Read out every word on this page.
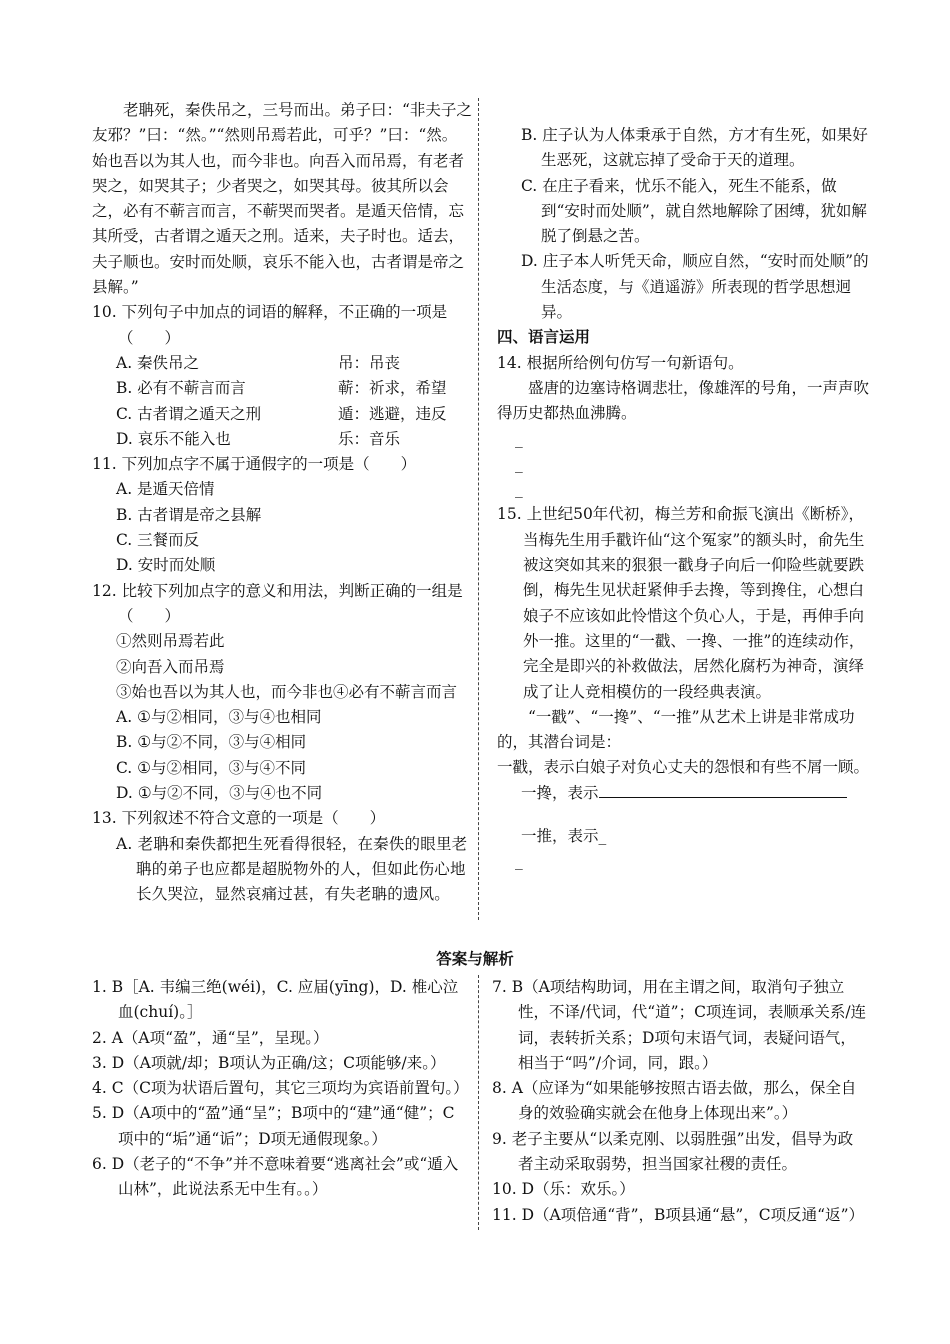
老聃死，秦佚吊之，三号而出。弟子曰：“非夫子之友邪？”曰：“然。”“然则吊焉若此，可乎？”曰：“然。始也吾以为其人也，而今非也。向吾入而吊焉，有老者哭之，如哭其子；少者哭之，如哭其母。彼其所以会之，必有不蕲言而言，不蕲哭而哭者。是遁天倍情，忘其所受，古者谓之遁天之刑。适来，夫子时也。适去，夫子顺也。安时而处顺，哀乐不能入也，古者谓是帝之县解。”

10. 下列句子中加点的词语的解释，不正确的一项是（　　）

A. 秦佚吊之	吊：吊丧
B. 必有不蕲言而言	蕲：祈求，希望
C. 古者谓之遁天之刑	遁：逃避，违反
D. 哀乐不能入也	乐：音乐

11. 下列加点字不属于通假字的一项是（　　）

A. 是遁天倍情

B. 古者谓是帝之县解

C. 三餐而反

D. 安时而处顺

12. 比较下列加点字的意义和用法，判断正确的一组是（　　）

①然则吊焉若此

②向吾入而吊焉

③始也吾以为其人也，而今非也④必有不蕲言而言

A. ①与②相同，③与④也相同

B. ①与②不同，③与④相同

C. ①与②相同，③与④不同

D. ①与②不同，③与④也不同

13. 下列叙述不符合文意的一项是（　　）

A. 老聃和秦佚都把生死看得很轻，在秦佚的眼里老聃的弟子也应都是超脱物外的人，但如此伤心地长久哭泣，显然哀痛过甚，有失老聃的遗风。

B. 庄子认为人体秉承于自然，方才有生死，如果好生恶死，这就忘掉了受命于天的道理。

C. 在庄子看来，忧乐不能入，死生不能系，做到“安时而处顺”，就自然地解除了困缚，犹如解脱了倒悬之苦。

D. 庄子本人听凭天命，顺应自然，“安时而处顺”的生活态度，与《逍遥游》所表现的哲学思想迥异。

四、语言运用

14. 根据所给例句仿写一句新语句。

盛唐的边塞诗格调悲壮，像雄浑的号角，一声声吹得历史都热血沸腾。

_

_

_

15. 上世纪50年代初，梅兰芳和俞振飞演出《断桥》，当梅先生用手戳许仙“这个冤家”的额头时，俞先生被这突如其来的狠狠一戳身子向后一仰险些就要跌倒，梅先生见状赶紧伸手去搀，等到搀住，心想白娘子不应该如此怜惜这个负心人，于是，再伸手向外一推。这里的“一戳、一搀、一推”的连续动作，完全是即兴的补救做法，居然化腐朽为神奇，演绎成了让人竞相模仿的一段经典表演。

“一戳”、“一搀”、“一推”从艺术上讲是非常成功的，其潜台词是：

一戳，表示白娘子对负心丈夫的怨恨和有些不屑一顾。

一搀，表示

一推，表示_

_

答案与解析

1. B［A. 韦编三绝(wéi)，C. 应届(yīng)，D. 椎心泣血(chuí)。］

2. A（A项“盈”，通“呈”，呈现。）

3. D（A项就/却；B项认为正确/这；C项能够/来。）

4. C（C项为状语后置句，其它三项均为宾语前置句。）

5. D（A项中的“盈”通“呈”；B项中的“建”通“健”；C项中的“垢”通“诟”；D项无通假现象。）

6. D（老子的“不争”并不意味着要“逃离社会”或“遁入山林”，此说法系无中生有。。）

7. B（A项结构助词，用在主谓之间，取消句子独立性，不译/代词，代“道”；C项连词，表顺承关系/连词，表转折关系；D项句末语气词，表疑问语气，相当于“吗”/介词，同，跟。）

8. A（应译为“如果能够按照古语去做，那么，保全自身的效验确实就会在他身上体现出来”。）

9. 老子主要从“以柔克刚、以弱胜强”出发，倡导为政者主动采取弱势，担当国家社稷的责任。

10. D（乐：欢乐。）

11. D（A项倍通“背”，B项县通“悬”，C项反通“返”）
